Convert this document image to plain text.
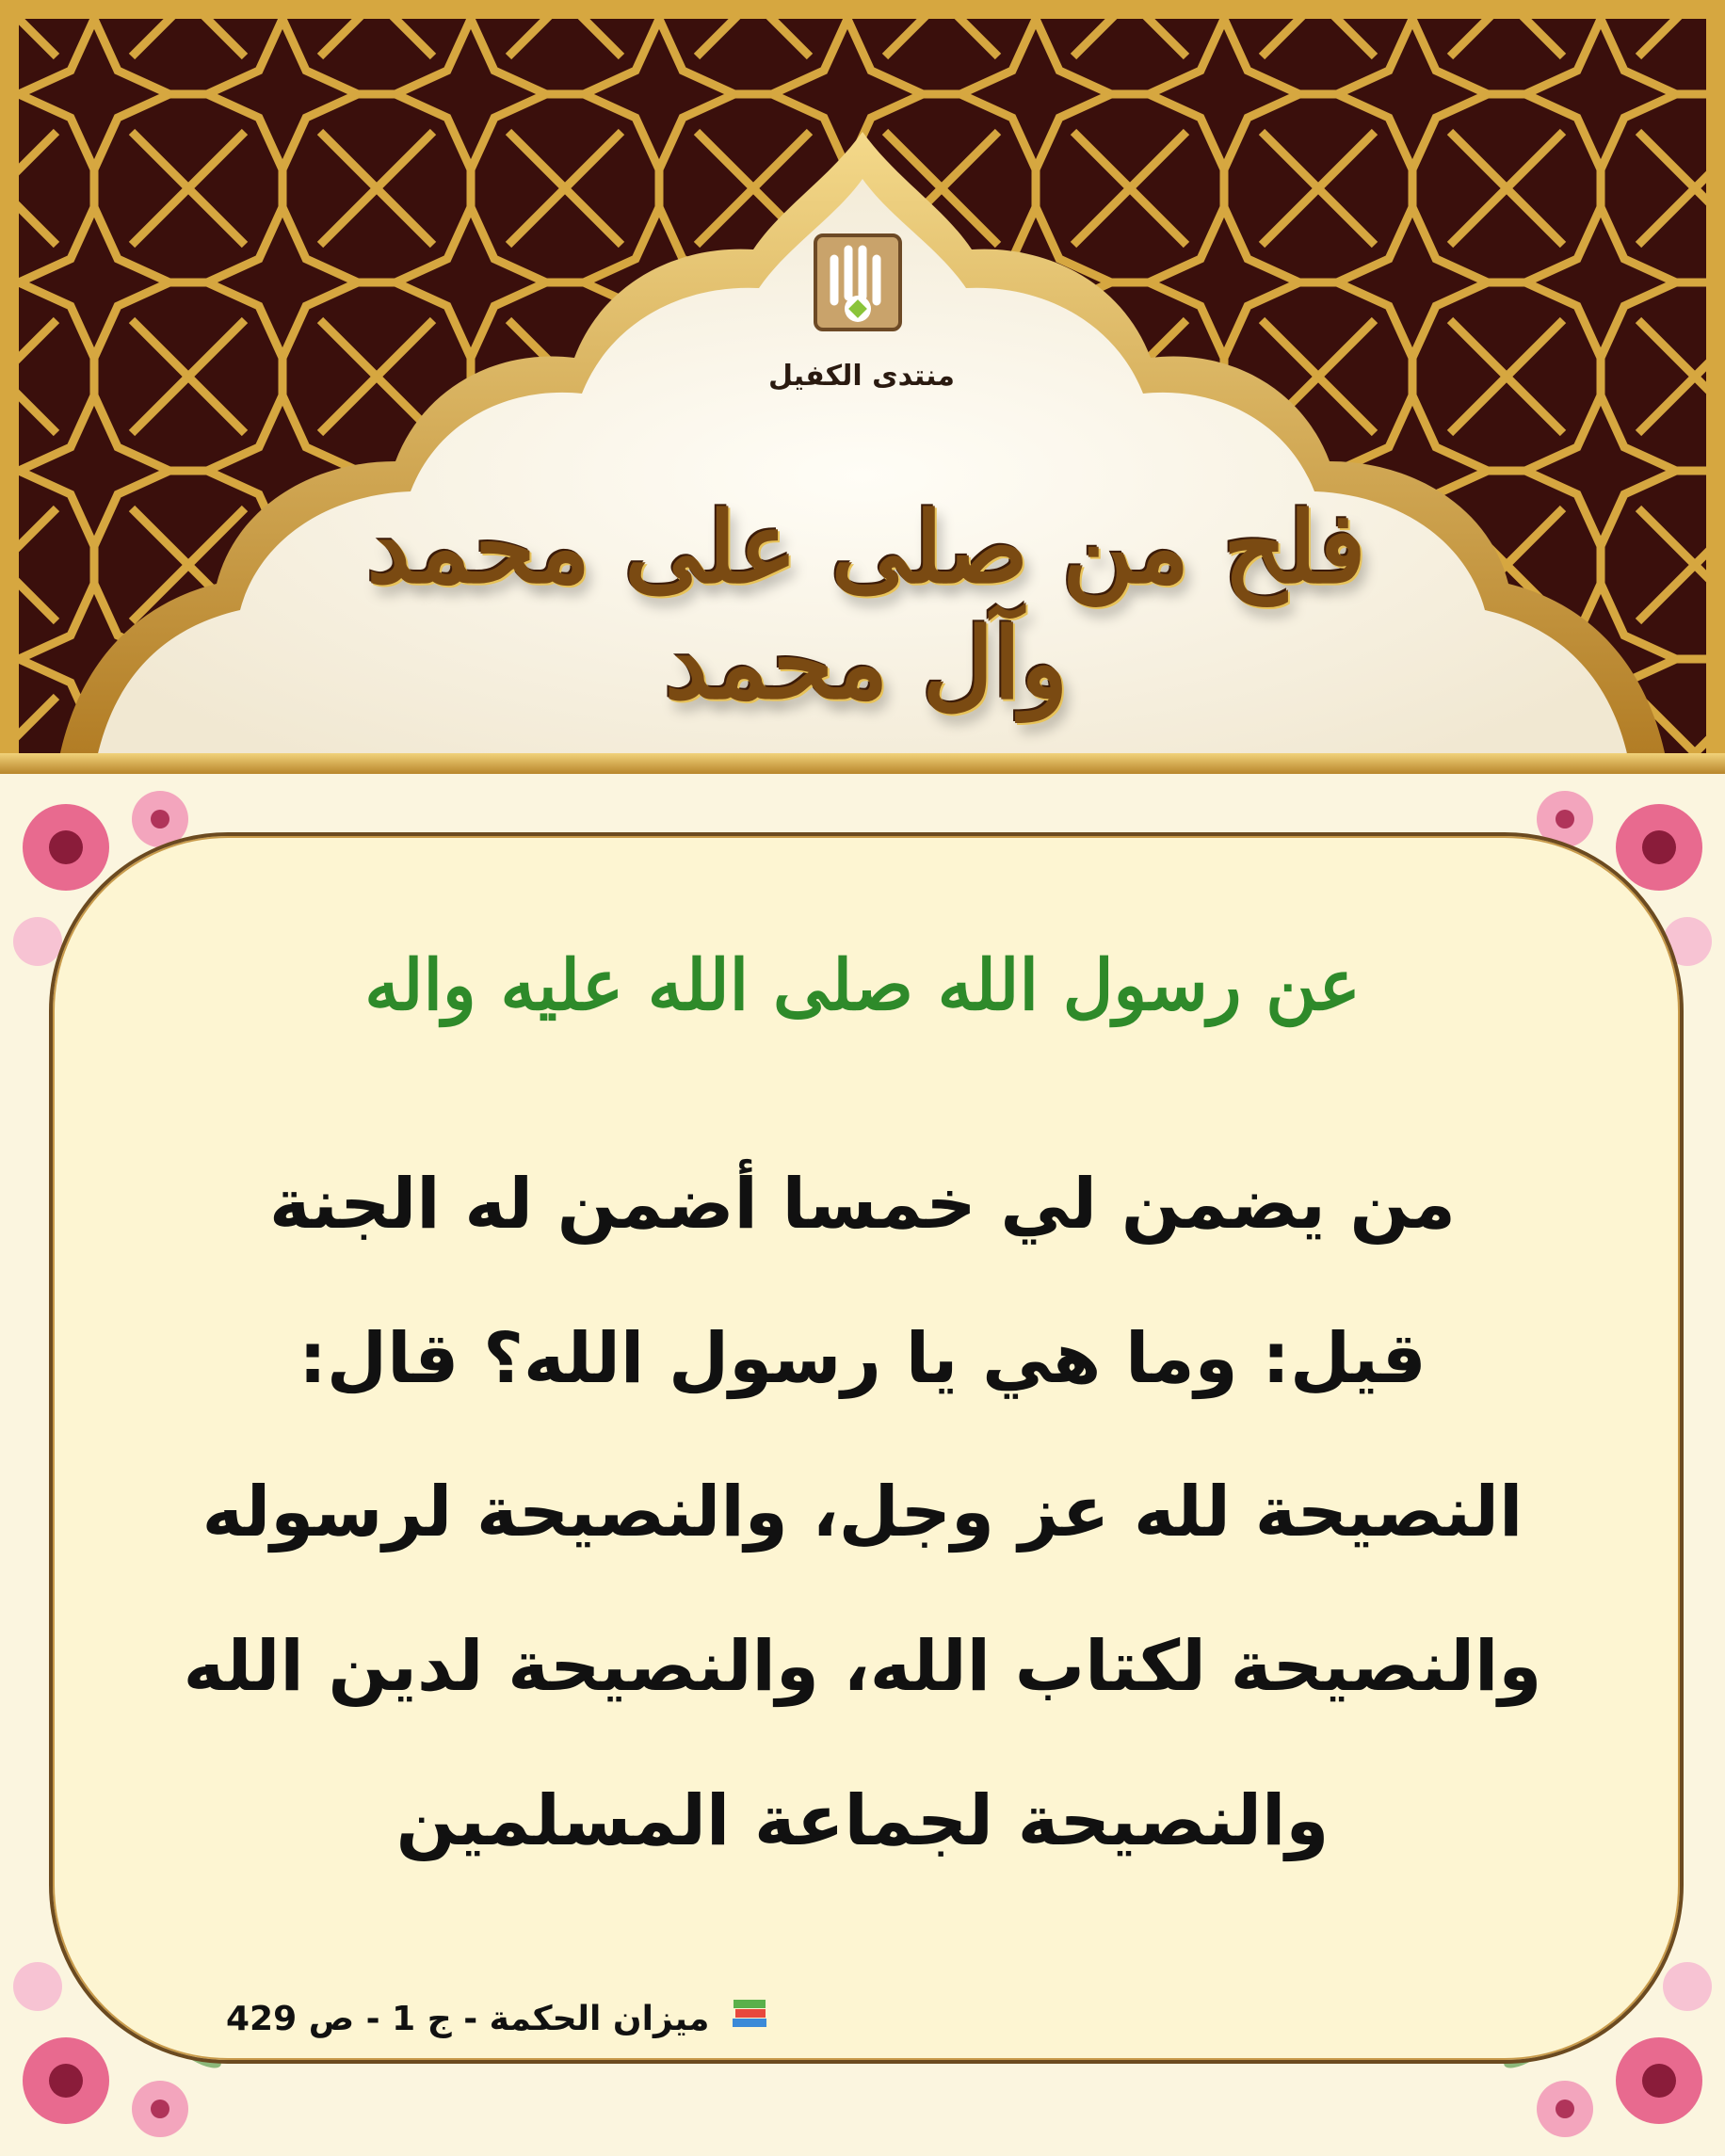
منتدى الكفيل
فلح من صلى على محمد وآل محمد
عن رسول الله صلى الله عليه واله
من يضمن لي خمسا أضمن له الجنة
قيل: وما هي يا رسول الله؟ قال:
النصيحة لله عز وجل، والنصيحة لرسوله
والنصيحة لكتاب الله، والنصيحة لدين الله
والنصيحة لجماعة المسلمين
ميزان الحكمة - ج 1 - ص 429
